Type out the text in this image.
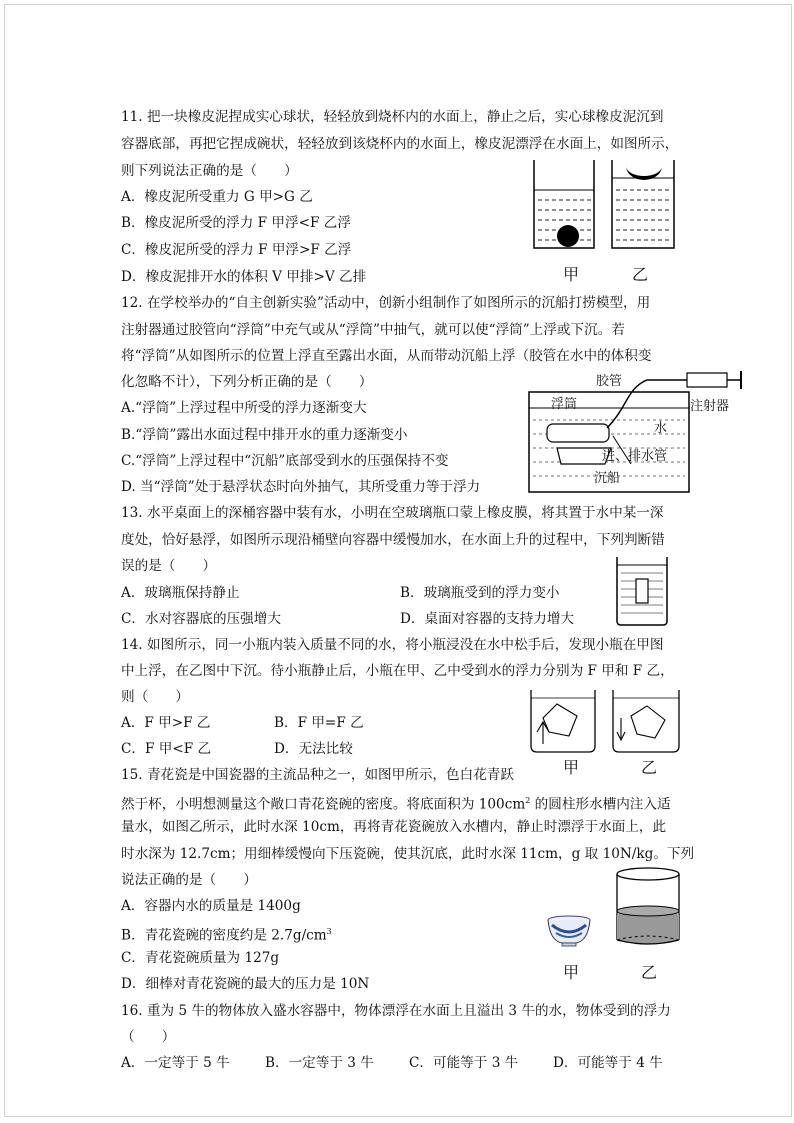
11. 把一块橡皮泥捏成实心球状，轻轻放到烧杯内的水面上，静止之后，实心球橡皮泥沉到
容器底部，再把它捏成碗状，轻轻放到该烧杯内的水面上，橡皮泥漂浮在水面上，如图所示，
则下列说法正确的是（　　）
A．橡皮泥所受重力 G 甲>G 乙
B．橡皮泥所受的浮力 F 甲浮<F 乙浮
C．橡皮泥所受的浮力 F 甲浮>F 乙浮
D．橡皮泥排开水的体积 V 甲排>V 乙排	甲	乙
12. 在学校举办的“自主创新实验”活动中，创新小组制作了如图所示的沉船打捞模型，用
注射器通过胶管向“浮筒”中充气或从“浮筒”中抽气，就可以使“浮筒”上浮或下沉。若
将“浮筒”从如图所示的位置上浮直至露出水面，从而带动沉船上浮（胶管在水中的体积变
化忽略不计），下列分析正确的是（　　）
A.“浮筒”上浮过程中所受的浮力逐渐变大
B.“浮筒”露出水面过程中排开水的重力逐渐变小
C.“浮筒”上浮过程中“沉船”底部受到水的压强保持不变
D. 当“浮筒”处于悬浮状态时向外抽气，其所受重力等于浮力
胶管
注射器
浮筒
水
进、排水管
沉船
13. 水平桌面上的深桶容器中装有水，小明在空玻璃瓶口蒙上橡皮膜，将其置于水中某一深
度处，恰好悬浮，如图所示现沿桶壁向容器中缓慢加水，在水面上升的过程中，下列判断错
误的是（　　）
A．玻璃瓶保持静止	B．玻璃瓶受到的浮力变小
C．水对容器底的压强增大	D．桌面对容器的支持力增大
14. 如图所示，同一小瓶内装入质量不同的水，将小瓶浸没在水中松手后，发现小瓶在甲图
中上浮，在乙图中下沉。待小瓶静止后，小瓶在甲、乙中受到水的浮力分别为 F 甲和 F 乙，
则（　　）
A．F 甲>F 乙	B．F 甲=F 乙
C．F 甲<F 乙	D．无法比较
甲	乙
15. 青花瓷是中国瓷器的主流品种之一，如图甲所示，色白花青跃
然于杯，小明想测量这个敞口青花瓷碗的密度。将底面积为 $100cm^2$ 的圆柱形水槽内注入适
量水，如图乙所示，此时水深 10cm，再将青花瓷碗放入水槽内，静止时漂浮于水面上，此
时水深为 12.7cm；用细棒缓慢向下压瓷碗，使其沉底，此时水深 11cm，g 取 10N/kg。下列
说法正确的是（　　）
A．容器内水的质量是 1400g
B．青花瓷碗的密度约是 $2.7g/cm^3$
C．青花瓷碗质量为 127g
D．细棒对青花瓷碗的最大的压力是 10N
甲	乙
16. 重为 5 牛的物体放入盛水容器中，物体漂浮在水面上且溢出 3 牛的水，物体受到的浮力
（　　）
A．一定等于 5 牛	B．一定等于 3 牛	C．可能等于 3 牛	D．可能等于 4 牛
